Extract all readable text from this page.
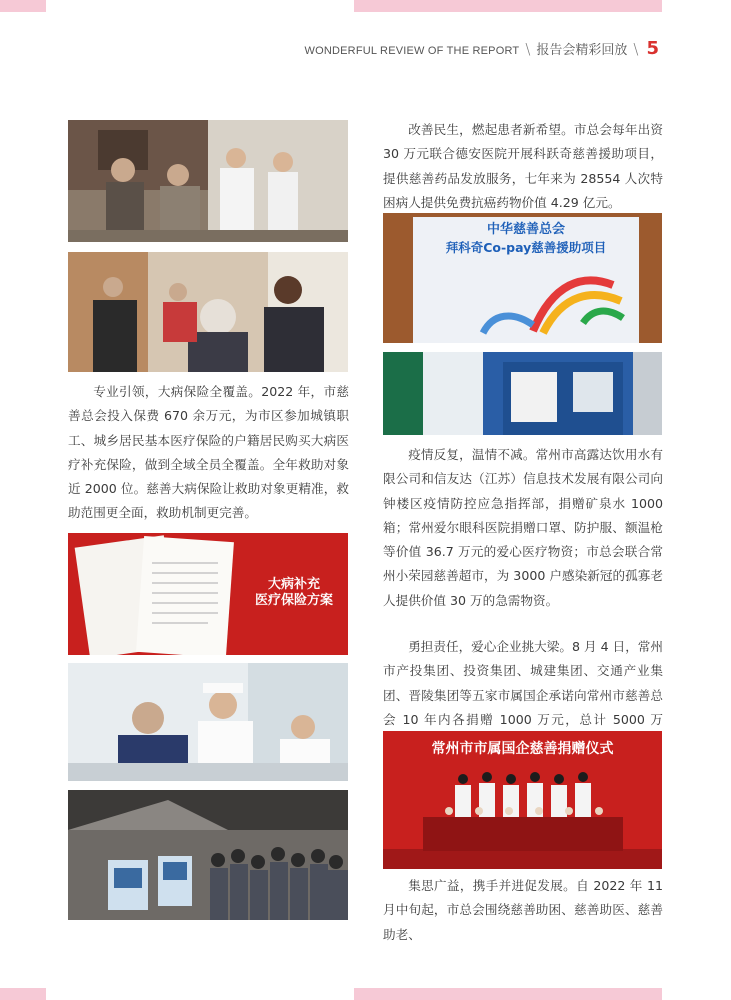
WONDERFUL REVIEW OF THE REPORT \ 报告会精彩回放 \ 5

专业引领，大病保险全覆盖。2022 年，市慈善总会投入保费 670 余万元，为市区参加城镇职工、城乡居民基本医疗保险的户籍居民购买大病医疗补充保险，做到全域全员全覆盖。全年救助对象近 2000 位。慈善大病保险让救助对象更精准，救助范围更全面，救助机制更完善。

大病补充
医疗保险方案

改善民生，燃起患者新希望。市总会每年出资 30 万元联合德安医院开展科跃奇慈善援助项目，提供慈善药品发放服务，七年来为 28554 人次特困病人提供免费抗癌药物价值 4.29 亿元。

中华慈善总会
拜科奇Co-pay慈善援助项目

疫情反复，温情不减。常州市高露达饮用水有限公司和信友达（江苏）信息技术发展有限公司向钟楼区疫情防控应急指挥部，捐赠矿泉水 1000 箱；常州爱尔眼科医院捐赠口罩、防护服、额温枪等价值 36.7 万元的爱心医疗物资；市总会联合常州小荣园慈善超市，为 3000 户感染新冠的孤寡老人提供价值 30 万的急需物资。

勇担责任，爱心企业挑大梁。8 月 4 日，常州市产投集团、投资集团、城建集团、交通产业集团、晋陵集团等五家市属国企承诺向常州市慈善总会 10 年内各捐赠 1000 万元，总计 5000 万

常州市市属国企慈善捐赠仪式

集思广益，携手并进促发展。自 2022 年 11 月中旬起，市总会围绕慈善助困、慈善助医、慈善助老、
